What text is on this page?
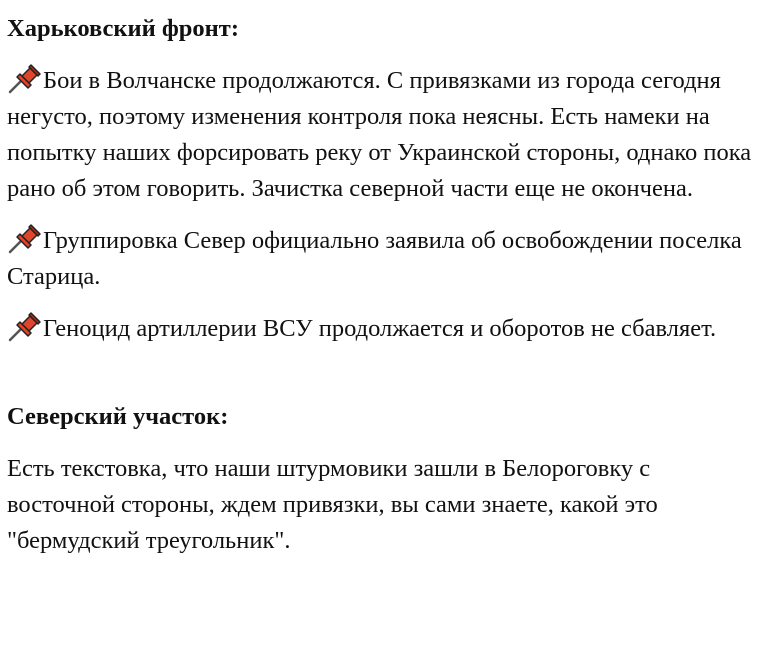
Харьковский фронт:

Бои в Волчанске продолжаются. С привязками из города сегодня негусто, поэтому изменения контроля пока неясны. Есть намеки на попытку наших форсировать реку от Украинской стороны, однако пока рано об этом говорить. Зачистка северной части еще не окончена.

Группировка Север официально заявила об освобождении поселка Старица.

Геноцид артиллерии ВСУ продолжается и оборотов не сбавляет.

Северский участок:

Есть текстовка, что наши штурмовики зашли в Белороговку с восточной стороны, ждем привязки, вы сами знаете, какой это "бермудский треугольник".
